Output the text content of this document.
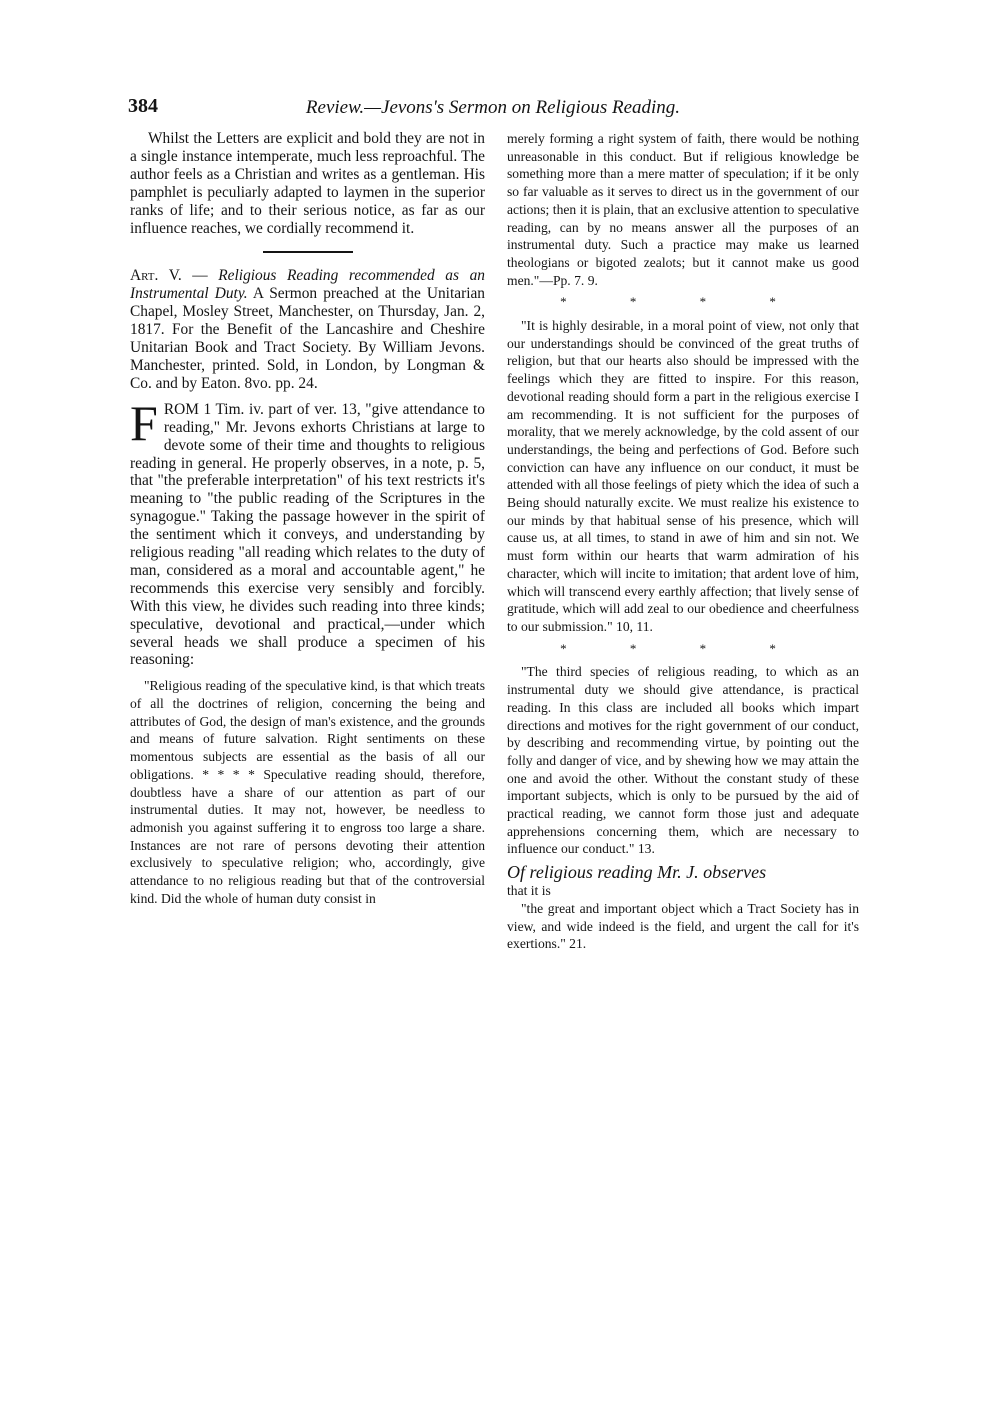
384	Review.—Jevons's Sermon on Religious Reading.

Whilst the Letters are explicit and bold they are not in a single instance intemperate, much less reproachful. The author feels as a Christian and writes as a gentleman. His pamphlet is peculiarly adapted to laymen in the superior ranks of life; and to their serious notice, as far as our influence reaches, we cordially recommend it.

Art. V. — Religious Reading recommended as an Instrumental Duty. A Sermon preached at the Unitarian Chapel, Mosley Street, Manchester, on Thursday, Jan. 2, 1817. For the Benefit of the Lancashire and Cheshire Unitarian Book and Tract Society. By William Jevons. Manchester, printed. Sold, in London, by Longman & Co. and by Eaton. 8vo. pp. 24.

F ROM 1 Tim. iv. part of ver. 13, "give attendance to reading," Mr. Jevons exhorts Christians at large to devote some of their time and thoughts to religious reading in general. He properly observes, in a note, p. 5, that "the preferable interpretation" of his text restricts it's meaning to "the public reading of the Scriptures in the synagogue." Taking the passage however in the spirit of the sentiment which it conveys, and understanding by religious reading "all reading which relates to the duty of man, considered as a moral and accountable agent," he recommends this exercise very sensibly and forcibly. With this view, he divides such reading into three kinds; speculative, devotional and practical,—under which several heads we shall produce a specimen of his reasoning:

"Religious reading of the speculative kind, is that which treats of all the doctrines of religion, concerning the being and attributes of God, the design of man's existence, and the grounds and means of future salvation. Right sentiments on these momentous subjects are essential as the basis of all our obligations. * * * * Speculative reading should, therefore, doubtless have a share of our attention as part of our instrumental duties. It may not, however, be needless to admonish you against suffering it to engross too large a share. Instances are not rare of persons devoting their attention exclusively to speculative religion; who, accordingly, give attendance to no religious reading but that of the controversial kind. Did the whole of human duty consist in

merely forming a right system of faith, there would be nothing unreasonable in this conduct. But if religious knowledge be something more than a mere matter of speculation; if it be only so far valuable as it serves to direct us in the government of our actions; then it is plain, that an exclusive attention to speculative reading, can by no means answer all the purposes of an instrumental duty. Such a practice may make us learned theologians or bigoted zealots; but it cannot make us good men."—Pp. 7. 9.

* * * *

"It is highly desirable, in a moral point of view, not only that our understandings should be convinced of the great truths of religion, but that our hearts also should be impressed with the feelings which they are fitted to inspire. For this reason, devotional reading should form a part in the religious exercise I am recommending. It is not sufficient for the purposes of morality, that we merely acknowledge, by the cold assent of our understandings, the being and perfections of God. Before such conviction can have any influence on our conduct, it must be attended with all those feelings of piety which the idea of such a Being should naturally excite. We must realize his existence to our minds by that habitual sense of his presence, which will cause us, at all times, to stand in awe of him and sin not. We must form within our hearts that warm admiration of his character, which will incite to imitation; that ardent love of him, which will transcend every earthly affection; that lively sense of gratitude, which will add zeal to our obedience and cheerfulness to our submission." 10, 11.

* * * *

"The third species of religious reading, to which as an instrumental duty we should give attendance, is practical reading. In this class are included all books which impart directions and motives for the right government of our conduct, by describing and recommending virtue, by pointing out the folly and danger of vice, and by shewing how we may attain the one and avoid the other. Without the constant study of these important subjects, which is only to be pursued by the aid of practical reading, we cannot form those just and adequate apprehensions concerning them, which are necessary to influence our conduct." 13.

Of religious reading Mr. J. observes

that it is

"the great and important object which a Tract Society has in view, and wide indeed is the field, and urgent the call for it's exertions." 21.
